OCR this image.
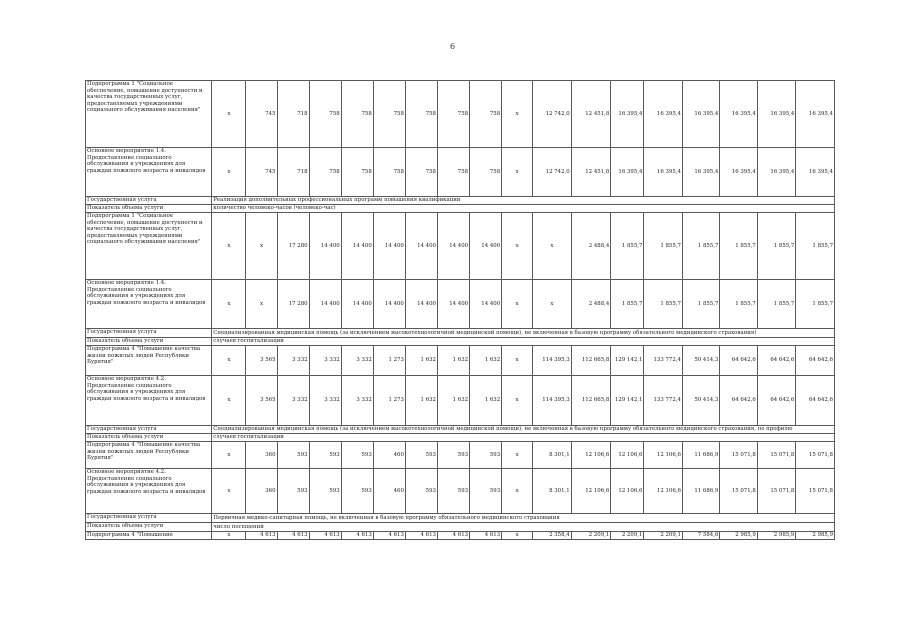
6
Подпрограмма 1 "Социальное обеспечение, повышение доступности и качества государственных услуг, предоставляемых учреждениями социального обслуживания населения"	х	745	718	758	758	758	758	758	758	х	12 742,0	12 451,8	16 395,4	16 395,4	16 395,4	16 395,4	16 395,4	16 395,4
Основное мероприятие 1.4. Предоставление социального обслуживания в учреждениях для граждан пожилого возраста и инвалидов	х	745	718	758	758	758	758	758	758	х	12 742,0	12 451,8	16 395,4	16 395,4	16 395,4	16 395,4	16 395,4	16 395,4
Государственная услуга	Реализация дополнительных профессиональных программ повышения квалификации																	
Показатель объема услуги	количество человеко-часов (человеко-час)																	
Подпрограмма 1 "Социальное обеспечение, повышение доступности и качества государственных услуг, предоставляемых учреждениями социального обслуживания населения"	х	х	17 280	14 400	14 400	14 400	14 400	14 400	14 400	х	х	2 488,4	1 855,7	1 855,7	1 855,7	1 855,7	1 855,7	1 855,7
Основное мероприятие 1.4. Предоставление социального обслуживания в учреждениях для граждан пожилого возраста и инвалидов	х	х	17 280	14 400	14 400	14 400	14 400	14 400	14 400	х	х	2 488,4	1 855,7	1 855,7	1 855,7	1 855,7	1 855,7	1 855,7
Государственная услуга	Специализированная медицинская помощь (за исключением высокотехнологичной медицинской помощи), не включенная в базовую программу обязательного медицинского страхования)																	
Показатель объема услуги	случаев госпитализации																	
Подпрограмма 4 "Повышение качества жизни пожилых людей Республики Бурятия"	х	3 565	3 332	3 332	3 332	1 273	1 632	1 632	1 632	х	114 395,3	112 665,8	129 142,1	133 772,4	50 414,3	64 642,6	64 642,6	64 642,6
Основное мероприятие 4.2. Предоставление социального обслуживания в учреждениях для граждан пожилого возраста и инвалидов	х	3 565	3 332	3 332	3 332	1 273	1 632	1 632	1 632	х	114 395,3	112 665,8	129 142,1	133 772,4	50 414,3	64 642,6	64 642,6	64 642,6
Государственная услуга	Специализированная медицинская помощь (за исключением высокотехнологичной медицинской помощи), не включенная в базовую программу обязательного медицинского страхования, по профилю																	
Показатель объема услуги	случаев госпитализации																	
Подпрограмма 4 "Повышение качества жизни пожилых людей Республики Бурятия"	х	360	593	593	593	460	593	593	593	х	8 301,1	12 106,6	12 106,6	12 106,6	11 686,9	15 071,8	15 071,8	15 071,8
Основное мероприятие 4.2. Предоставление социального обслуживания в учреждениях для граждан пожилого возраста и инвалидов	х	360	593	593	593	460	593	593	593	х	8 301,1	12 106,6	12 106,6	12 106,6	11 686,9	15 071,8	15 071,8	15 071,8
Государственная услуга	Первичная медико-санитарная помощь, не включенная в базовую программу обязательного медицинского страхования																	
Показатель объема услуги	число посещений																	

Подпрограмма 4 "Повышение	х	4 613	4 613	4 613	4 613	4 613	4 613	4 613	4 613	х	2 358,4	2 209,1	2 209,1	2 209,1	7 584,6	2 985,9	2 985,9	2 985,9
